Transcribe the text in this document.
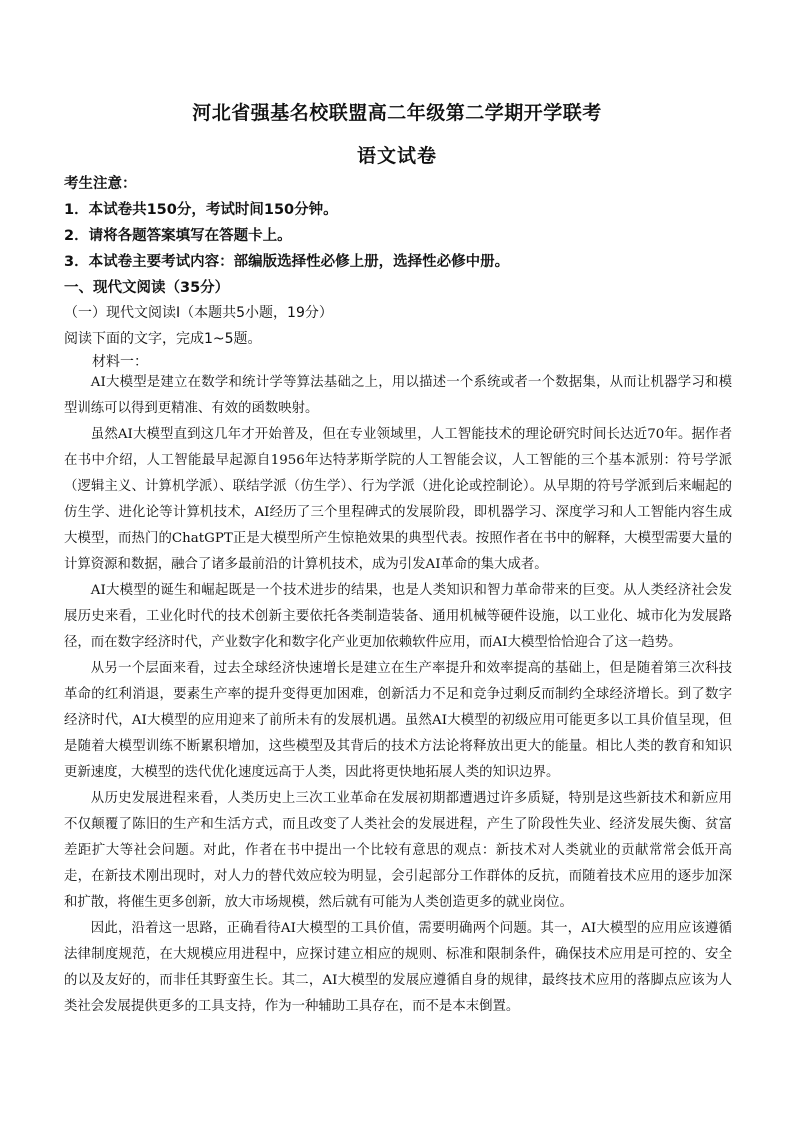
河北省强基名校联盟高二年级第二学期开学联考
语文试卷

考生注意：

1．本试卷共150分，考试时间150分钟。

2．请将各题答案填写在答题卡上。

3．本试卷主要考试内容：部编版选择性必修上册，选择性必修中册。

一、现代文阅读（35分）

（一）现代文阅读Ⅰ（本题共5小题，19分）

阅读下面的文字，完成1~5题。

材料一：

AI大模型是建立在数学和统计学等算法基础之上，用以描述一个系统或者一个数据集，从而让机器学习和模型训练可以得到更精准、有效的函数映射。

虽然AI大模型直到这几年才开始普及，但在专业领域里，人工智能技术的理论研究时间长达近70年。据作者在书中介绍，人工智能最早起源自1956年达特茅斯学院的人工智能会议，人工智能的三个基本派别：符号学派（逻辑主义、计算机学派）、联结学派（仿生学）、行为学派（进化论或控制论）。从早期的符号学派到后来崛起的仿生学、进化论等计算机技术，AI经历了三个里程碑式的发展阶段，即机器学习、深度学习和人工智能内容生成大模型，而热门的ChatGPT正是大模型所产生惊艳效果的典型代表。按照作者在书中的解释，大模型需要大量的计算资源和数据，融合了诸多最前沿的计算机技术，成为引发AI革命的集大成者。

AI大模型的诞生和崛起既是一个技术进步的结果，也是人类知识和智力革命带来的巨变。从人类经济社会发展历史来看，工业化时代的技术创新主要依托各类制造装备、通用机械等硬件设施，以工业化、城市化为发展路径，而在数字经济时代，产业数字化和数字化产业更加依赖软件应用，而AI大模型恰恰迎合了这一趋势。

从另一个层面来看，过去全球经济快速增长是建立在生产率提升和效率提高的基础上，但是随着第三次科技革命的红利消退，要素生产率的提升变得更加困难，创新活力不足和竞争过剩反而制约全球经济增长。到了数字经济时代，AI大模型的应用迎来了前所未有的发展机遇。虽然AI大模型的初级应用可能更多以工具价值呈现，但是随着大模型训练不断累积增加，这些模型及其背后的技术方法论将释放出更大的能量。相比人类的教育和知识更新速度，大模型的迭代优化速度远高于人类，因此将更快地拓展人类的知识边界。

从历史发展进程来看，人类历史上三次工业革命在发展初期都遭遇过许多质疑，特别是这些新技术和新应用不仅颠覆了陈旧的生产和生活方式，而且改变了人类社会的发展进程，产生了阶段性失业、经济发展失衡、贫富差距扩大等社会问题。对此，作者在书中提出一个比较有意思的观点：新技术对人类就业的贡献常常会低开高走，在新技术刚出现时，对人力的替代效应较为明显，会引起部分工作群体的反抗，而随着技术应用的逐步加深和扩散，将催生更多创新，放大市场规模，然后就有可能为人类创造更多的就业岗位。

因此，沿着这一思路，正确看待AI大模型的工具价值，需要明确两个问题。其一，AI大模型的应用应该遵循法律制度规范，在大规模应用进程中，应探讨建立相应的规则、标准和限制条件，确保技术应用是可控的、安全的以及友好的，而非任其野蛮生长。其二，AI大模型的发展应遵循自身的规律，最终技术应用的落脚点应该为人类社会发展提供更多的工具支持，作为一种辅助工具存在，而不是本末倒置。
